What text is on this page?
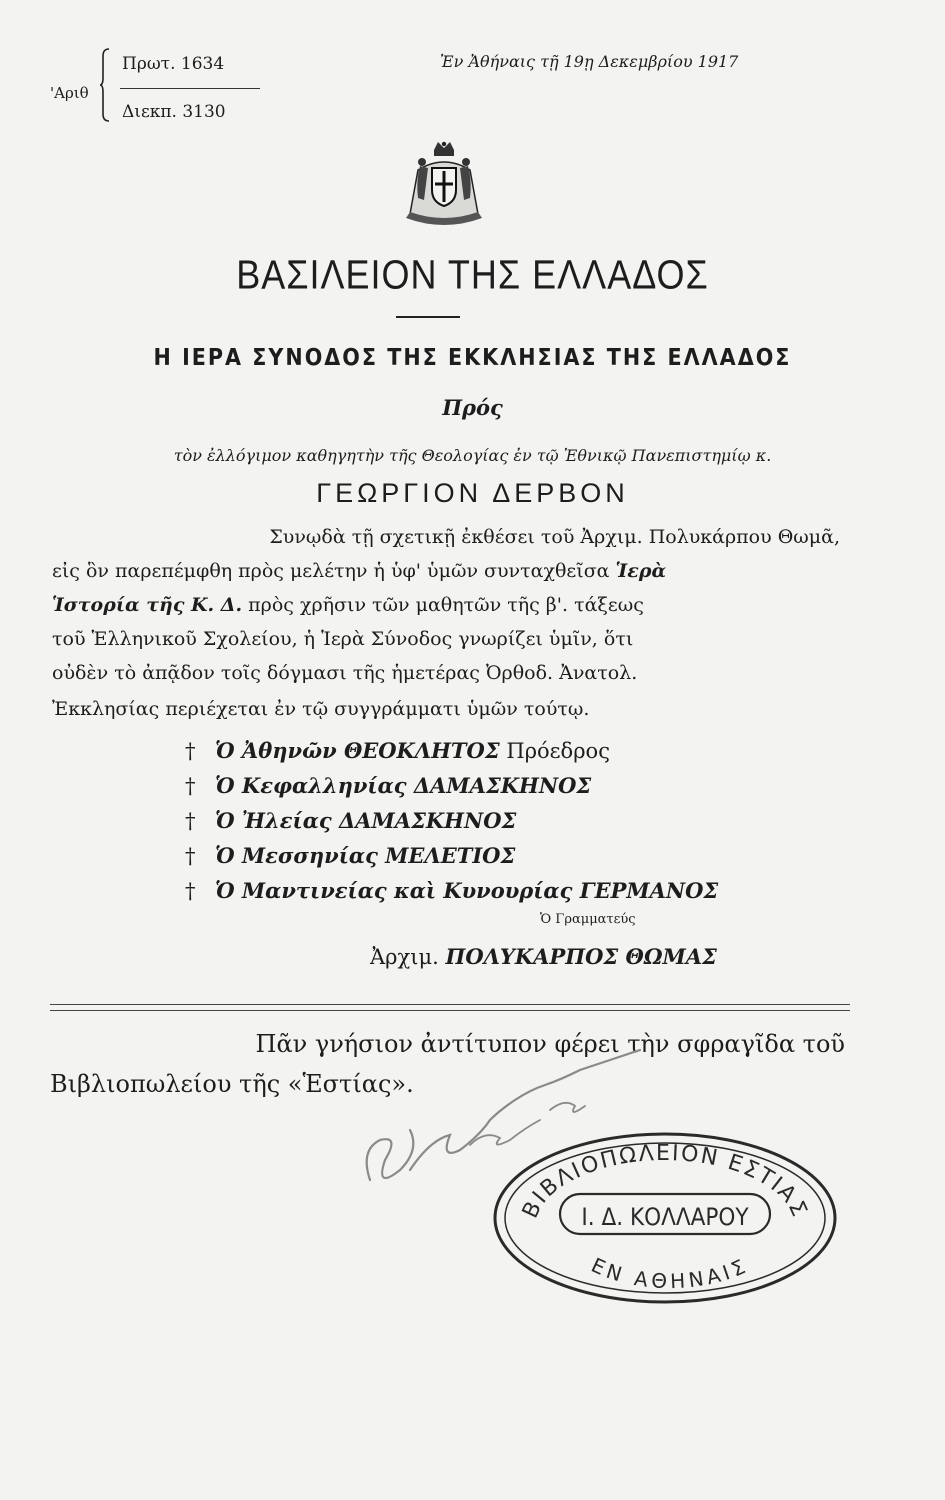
'Αριθ
Πρωτ. 1634
Διεκπ. 3130
Ἐν Ἀθήναις τῇ 19ῃ Δεκεμβρίου 1917
ΒΑΣΙΛΕΙΟΝ ΤΗΣ ΕΛΛΑΔΟΣ
Η ΙΕΡΑ ΣΥΝΟΔΟΣ ΤΗΣ ΕΚΚΛΗΣΙΑΣ ΤΗΣ ΕΛΛΑΔΟΣ
Πρός
τὸν ἐλλόγιμον καθηγητὴν τῆς Θεολογίας ἐν τῷ Ἐθνικῷ Πανεπιστημίῳ κ.
ΓΕΩΡΓΙΟΝ ΔΕΡΒΟΝ
Συνῳδὰ τῇ σχετικῇ ἐκθέσει τοῦ Ἀρχιμ. Πολυκάρπου Θωμᾶ,
εἰς ὃν παρεπέμφθη πρὸς μελέτην ἡ ὑφ' ὑμῶν συνταχθεῖσα Ἱερὰ
Ἱστορία τῆς Κ. Δ. πρὸς χρῆσιν τῶν μαθητῶν τῆς β'. τάξεως
τοῦ Ἑλληνικοῦ Σχολείου, ἡ Ἱερὰ Σύνοδος γνωρίζει ὑμῖν, ὅτι
οὐδὲν τὸ ἀπᾷδον τοῖς δόγμασι τῆς ἡμετέρας Ὀρθοδ. Ἀνατολ.
Ἐκκλησίας περιέχεται ἐν τῷ συγγράμματι ὑμῶν τούτῳ.
† Ὁ Ἀθηνῶν ΘΕΟΚΛΗΤΟΣ Πρόεδρος
† Ὁ Κεφαλληνίας ΔΑΜΑΣΚΗΝΟΣ
† Ὁ Ἠλείας ΔΑΜΑΣΚΗΝΟΣ
† Ὁ Μεσσηνίας ΜΕΛΕΤΙΟΣ
† Ὁ Μαντινείας καὶ Κυνουρίας ΓΕΡΜΑΝΟΣ
Ὁ Γραμματεύς
Ἀρχιμ. ΠΟΛΥΚΑΡΠΟΣ ΘΩΜΑΣ
Πᾶν γνήσιον ἀντίτυπον φέρει τὴν σφραγῖδα τοῦ
Βιβλιοπωλείου τῆς «Ἑστίας».
ΒΙΒΛΙΟΠΩΛΕΙΟΝ ΕΣΤΙΑΣ
Ι. Δ. ΚΟΛΛΑΡΟΥ
ΕΝ ΑΘΗΝΑΙΣ
